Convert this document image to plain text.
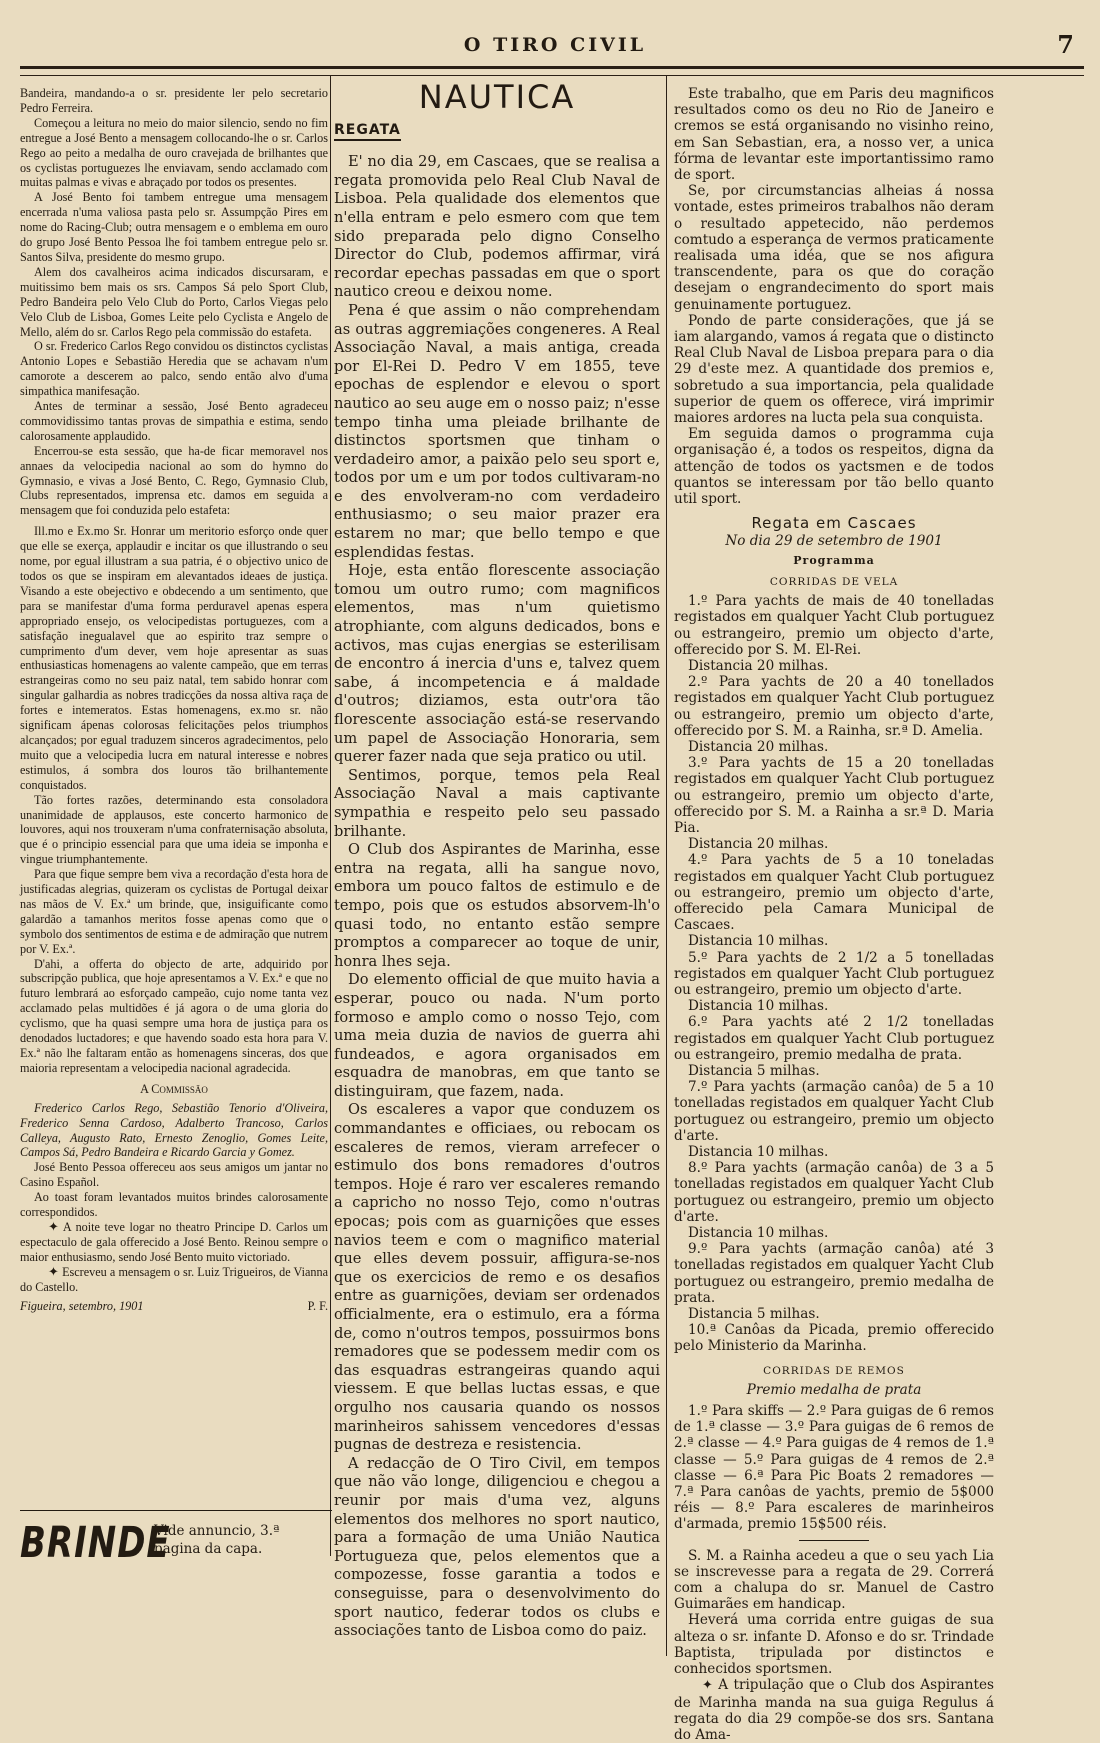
O TIRO CIVIL	7

Bandeira, mandando-a o sr. presidente ler pelo secretario Pedro Ferreira.

Começou a leitura no meio do maior silencio, sendo no fim entregue a José Bento a mensagem collocando-lhe o sr. Carlos Rego ao peito a medalha de ouro cravejada de brilhantes que os cyclistas portuguezes lhe enviavam, sendo acclamado com muitas palmas e vivas e abraçado por todos os presentes.

A José Bento foi tambem entregue uma mensagem encerrada n'uma valiosa pasta pelo sr. Assumpção Pires em nome do Racing-Club; outra mensagem e o emblema em ouro do grupo José Bento Pessoa lhe foi tambem entregue pelo sr. Santos Silva, presidente do mesmo grupo.

Alem dos cavalheiros acima indicados discursaram, e muitissimo bem mais os srs. Campos Sá pelo Sport Club, Pedro Bandeira pelo Velo Club do Porto, Carlos Viegas pelo Velo Club de Lisboa, Gomes Leite pelo Cyclista e Angelo de Mello, além do sr. Carlos Rego pela commissão do estafeta.

O sr. Frederico Carlos Rego convidou os distinctos cyclistas Antonio Lopes e Sebastião Heredia que se achavam n'um camorote a descerem ao palco, sendo então alvo d'uma simpathica manifesação.

Antes de terminar a sessão, José Bento agradeceu commovidissimo tantas provas de simpathia e estima, sendo calorosamente applaudido.

Encerrou-se esta sessão, que ha-de ficar memoravel nos annaes da velocipedia nacional ao som do hymno do Gymnasio, e vivas a José Bento, C. Rego, Gymnasio Club, Clubs representados, imprensa etc. damos em seguida a mensagem que foi conduzida pelo estafeta:

Ill.mo e Ex.mo Sr. Honrar um meritorio esforço onde quer que elle se exerça, applaudir e incitar os que illustrando o seu nome, por egual illustram a sua patria, é o objectivo unico de todos os que se inspiram em alevantados ideaes de justiça. Visando a este obejectivo e obdecendo a um sentimento, que para se manifestar d'uma forma perduravel apenas espera appropriado ensejo, os velocipedistas portuguezes, com a satisfação inegualavel que ao espirito traz sempre o cumprimento d'um dever, vem hoje apresentar as suas enthusiasticas homenagens ao valente campeão, que em terras estrangeiras como no seu paiz natal, tem sabido honrar com singular galhardia as nobres tradicções da nossa altiva raça de fortes e intemeratos. Estas homenagens, ex.mo sr. não significam ápenas colorosas felicitações pelos triumphos alcançados; por egual traduzem sinceros agradecimentos, pelo muito que a velocipedia lucra em natural interesse e nobres estimulos, á sombra dos louros tão brilhantemente conquistados.

Tão fortes razões, determinando esta consoladora unanimidade de applausos, este concerto harmonico de louvores, aqui nos trouxeram n'uma confraternisação absoluta, que é o principio essencial para que uma ideia se imponha e vingue triumphantemente.

Para que fique sempre bem viva a recordação d'esta hora de justificadas alegrias, quizeram os cyclistas de Portugal deixar nas mãos de V. Ex.ª um brinde, que, insiguificante como galardão a tamanhos meritos fosse apenas como que o symbolo dos sentimentos de estima e de admiração que nutrem por V. Ex.ª.

D'ahi, a offerta do objecto de arte, adquirido por subscripção publica, que hoje apresentamos a V. Ex.ª e que no futuro lembrará ao esforçado campeão, cujo nome tanta vez acclamado pelas multidões é já agora o de uma gloria do cyclismo, que ha quasi sempre uma hora de justiça para os denodados luctadores; e que havendo soado esta hora para V. Ex.ª não lhe faltaram então as homenagens sinceras, dos que maioria representam a velocipedia nacional agradecida.

A Commissão

Frederico Carlos Rego, Sebastião Tenorio d'Oliveira, Frederico Senna Cardoso, Adalberto Trancoso, Carlos Calleya, Augusto Rato, Ernesto Zenoglio, Gomes Leite, Campos Sá, Pedro Bandeira e Ricardo Garcia y Gomez.

José Bento Pessoa offereceu aos seus amigos um jantar no Casino Español.

Ao toast foram levantados muitos brindes calorosamente correspondidos.

✦ A noite teve logar no theatro Principe D. Carlos um espectaculo de gala offerecido a José Bento. Reinou sempre o maior enthusiasmo, sendo José Bento muito victoriado.

✦ Escreveu a mensagem o sr. Luiz Trigueiros, de Vianna do Castello.

Figueira, setembro, 1901	P. F.
BRINDE
Vide annuncio, 3.ª pagina da capa.
NAUTICA
REGATA

E' no dia 29, em Cascaes, que se realisa a regata promovida pelo Real Club Naval de Lisboa. Pela qualidade dos elementos que n'ella entram e pelo esmero com que tem sido preparada pelo digno Conselho Director do Club, podemos affirmar, virá recordar epechas passadas em que o sport nautico creou e deixou nome.

Pena é que assim o não comprehendam as outras aggremiações congeneres. A Real Associação Naval, a mais antiga, creada por El-Rei D. Pedro V em 1855, teve epochas de esplendor e elevou o sport nautico ao seu auge em o nosso paiz; n'esse tempo tinha uma pleiade brilhante de distinctos sportsmen que tinham o verdadeiro amor, a paixão pelo seu sport e, todos por um e um por todos cultivaram-no e des envolveram-no com verdadeiro enthusiasmo; o seu maior prazer era estarem no mar; que bello tempo e que esplendidas festas.

Hoje, esta então florescente associação tomou um outro rumo; com magnificos elementos, mas n'um quietismo atrophiante, com alguns dedicados, bons e activos, mas cujas energias se esterilisam de encontro á inercia d'uns e, talvez quem sabe, á incompetencia e á maldade d'outros; diziamos, esta outr'ora tão florescente associação está-se reservando um papel de Associação Honoraria, sem querer fazer nada que seja pratico ou util.

Sentimos, porque, temos pela Real Associação Naval a mais captivante sympathia e respeito pelo seu passado brilhante.

O Club dos Aspirantes de Marinha, esse entra na regata, alli ha sangue novo, embora um pouco faltos de estimulo e de tempo, pois que os estudos absorvem-lh'o quasi todo, no entanto estão sempre promptos a comparecer ao toque de unir, honra lhes seja.

Do elemento official de que muito havia a esperar, pouco ou nada. N'um porto formoso e amplo como o nosso Tejo, com uma meia duzia de navios de guerra ahi fundeados, e agora organisados em esquadra de manobras, em que tanto se distinguiram, que fazem, nada.

Os escaleres a vapor que conduzem os commandantes e officiaes, ou rebocam os escaleres de remos, vieram arrefecer o estimulo dos bons remadores d'outros tempos. Hoje é raro ver escaleres remando a capricho no nosso Tejo, como n'outras epocas; pois com as guarnições que esses navios teem e com o magnifico material que elles devem possuir, affigura-se-nos que os exercicios de remo e os desafios entre as guarnições, deviam ser ordenados officialmente, era o estimulo, era a fórma de, como n'outros tempos, possuirmos bons remadores que se podessem medir com os das esquadras estrangeiras quando aqui viessem. E que bellas luctas essas, e que orgulho nos causaria quando os nossos marinheiros sahissem vencedores d'essas pugnas de destreza e resistencia.

A redacção de O Tiro Civil, em tempos que não vão longe, diligenciou e chegou a reunir por mais d'uma vez, alguns elementos dos melhores no sport nautico, para a formação de uma União Nautica Portugueza que, pelos elementos que a compozesse, fosse garantia a todos e conseguisse, para o desenvolvimento do sport nautico, federar todos os clubs e associações tanto de Lisboa como do paiz.

Este trabalho, que em Paris deu magnificos resultados como os deu no Rio de Janeiro e cremos se está organisando no visinho reino, em San Sebastian, era, a nosso ver, a unica fórma de levantar este importantissimo ramo de sport.

Se, por circumstancias alheias á nossa vontade, estes primeiros trabalhos não deram o resultado appetecido, não perdemos comtudo a esperança de vermos praticamente realisada uma idéa, que se nos afigura transcendente, para os que do coração desejam o engrandecimento do sport mais genuinamente portuguez.

Pondo de parte considerações, que já se iam alargando, vamos á regata que o distincto Real Club Naval de Lisboa prepara para o dia 29 d'este mez. A quantidade dos premios e, sobretudo a sua importancia, pela qualidade superior de quem os offerece, virá imprimir maiores ardores na lucta pela sua conquista.

Em seguida damos o programma cuja organisação é, a todos os respeitos, digna da attenção de todos os yactsmen e de todos quantos se interessam por tão bello quanto util sport.

Regata em Cascaes
No dia 29 de setembro de 1901
Programma
CORRIDAS DE VELA

1.º Para yachts de mais de 40 tonelladas registados em qualquer Yacht Club portuguez ou estrangeiro, premio um objecto d'arte, offerecido por S. M. El-Rei.

Distancia 20 milhas.

2.º Para yachts de 20 a 40 tonellados registados em qualquer Yacht Club portuguez ou estrangeiro, premio um objecto d'arte, offerecido por S. M. a Rainha, sr.ª D. Amelia.

Distancia 20 milhas.

3.º Para yachts de 15 a 20 tonelladas registados em qualquer Yacht Club portuguez ou estrangeiro, premio um objecto d'arte, offerecido por S. M. a Rainha a sr.ª D. Maria Pia.

Distancia 20 milhas.

4.º Para yachts de 5 a 10 toneladas registados em qualquer Yacht Club portuguez ou estrangeiro, premio um objecto d'arte, offerecido pela Camara Municipal de Cascaes.

Distancia 10 milhas.

5.º Para yachts de 2 1/2 a 5 tonelladas registados em qualquer Yacht Club portuguez ou estrangeiro, premio um objecto d'arte.

Distancia 10 milhas.

6.º Para yachts até 2 1/2 tonelladas registados em qualquer Yacht Club portuguez ou estrangeiro, premio medalha de prata.

Distancia 5 milhas.

7.º Para yachts (armação canôa) de 5 a 10 tonelladas registados em qualquer Yacht Club portuguez ou estrangeiro, premio um objecto d'arte.

Distancia 10 milhas.

8.º Para yachts (armação canôa) de 3 a 5 tonelladas registados em qualquer Yacht Club portuguez ou estrangeiro, premio um objecto d'arte.

Distancia 10 milhas.

9.º Para yachts (armação canôa) até 3 tonelladas registados em qualquer Yacht Club portuguez ou estrangeiro, premio medalha de prata.

Distancia 5 milhas.

10.ª Canôas da Picada, premio offerecido pelo Ministerio da Marinha.

CORRIDAS DE REMOS
Premio medalha de prata

1.º Para skiffs — 2.º Para guigas de 6 remos de 1.ª classe — 3.º Para guigas de 6 remos de 2.ª classe — 4.º Para guigas de 4 remos de 1.ª classe — 5.º Para guigas de 4 remos de 2.ª classe — 6.ª Para Pic Boats 2 remadores — 7.ª Para canôas de yachts, premio de 5$000 réis — 8.º Para escaleres de marinheiros d'armada, premio 15$500 réis.

S. M. a Rainha acedeu a que o seu yach Lia se inscrevesse para a regata de 29. Correrá com a chalupa do sr. Manuel de Castro Guimarães em handicap.

Heverá uma corrida entre guigas de sua alteza o sr. infante D. Afonso e do sr. Trindade Baptista, tripulada por distinctos e conhecidos sportsmen.

✦ A tripulação que o Club dos Aspirantes de Marinha manda na sua guiga Regulus á regata do dia 29 compõe-se dos srs. Santana do Ama-
